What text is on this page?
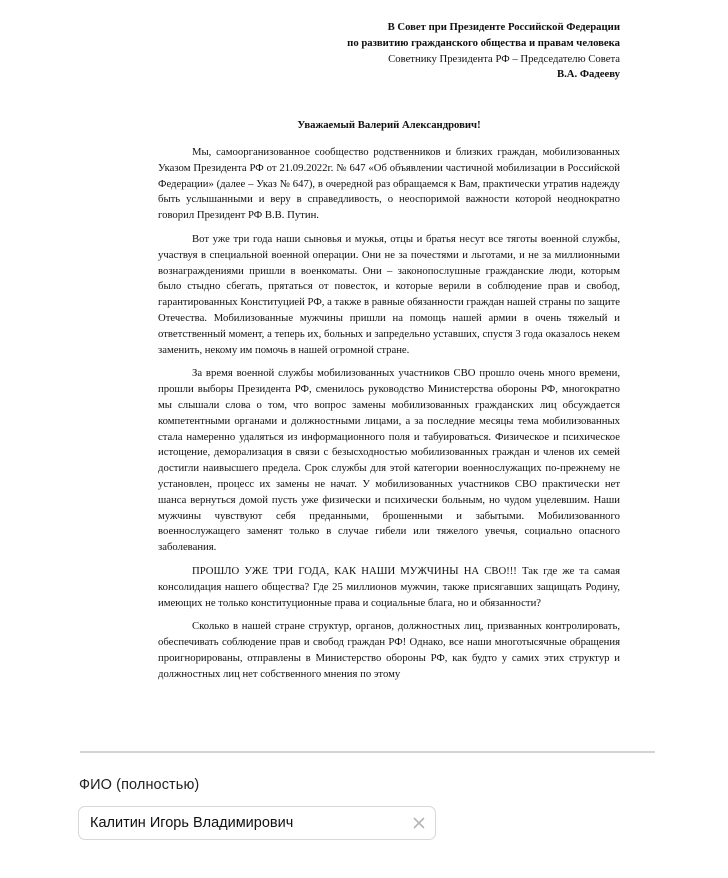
В Совет при Президенте Российской Федерации
по развитию гражданского общества и правам человека
Советнику Президента РФ – Председателю Совета
В.А. Фадееву
Уважаемый Валерий Александрович!

Мы, самоорганизованное сообщество родственников и близких граждан, мобилизованных Указом Президента РФ от 21.09.2022г. № 647 «Об объявлении частичной мобилизации в Российской Федерации» (далее – Указ № 647), в очередной раз обращаемся к Вам, практически утратив надежду быть услышанными и веру в справедливость, о неоспоримой важности которой неоднократно говорил Президент РФ В.В. Путин.

Вот уже три года наши сыновья и мужья, отцы и братья несут все тяготы военной службы, участвуя в специальной военной операции. Они не за почестями и льготами, и не за миллионными вознаграждениями пришли в военкоматы. Они – законопослушные гражданские люди, которым было стыдно сбегать, прятаться от повесток, и которые верили в соблюдение прав и свобод, гарантированных Конституцией РФ, а также в равные обязанности граждан нашей страны по защите Отечества. Мобилизованные мужчины пришли на помощь нашей армии в очень тяжелый и ответственный момент, а теперь их, больных и запредельно уставших, спустя 3 года оказалось некем заменить, некому им помочь в нашей огромной стране.

За время военной службы мобилизованных участников СВО прошло очень много времени, прошли выборы Президента РФ, сменилось руководство Министерства обороны РФ, многократно мы слышали слова о том, что вопрос замены мобилизованных гражданских лиц обсуждается компетентными органами и должностными лицами, а за последние месяцы тема мобилизованных стала намеренно удаляться из информационного поля и табуироваться. Физическое и психическое истощение, деморализация в связи с безысходностью мобилизованных граждан и членов их семей достигли наивысшего предела. Срок службы для этой категории военнослужащих по-прежнему не установлен, процесс их замены не начат. У мобилизованных участников СВО практически нет шанса вернуться домой пусть уже физически и психически больным, но чудом уцелевшим. Наши мужчины чувствуют себя преданными, брошенными и забытыми. Мобилизованного военнослужащего заменят только в случае гибели или тяжелого увечья, социально опасного заболевания.

ПРОШЛО УЖЕ ТРИ ГОДА, КАК НАШИ МУЖЧИНЫ НА СВО!!! Так где же та самая консолидация нашего общества? Где 25 миллионов мужчин, также присягавших защищать Родину, имеющих не только конституционные права и социальные блага, но и обязанности?

Сколько в нашей стране структур, органов, должностных лиц, призванных контролировать, обеспечивать соблюдение прав и свобод граждан РФ! Однако, все наши многотысячные обращения проигнорированы, отправлены в Министерство обороны РФ, как будто у самих этих структур и должностных лиц нет собственного мнения по этому

ФИО (полностью)
Калитин Игорь Владимирович
